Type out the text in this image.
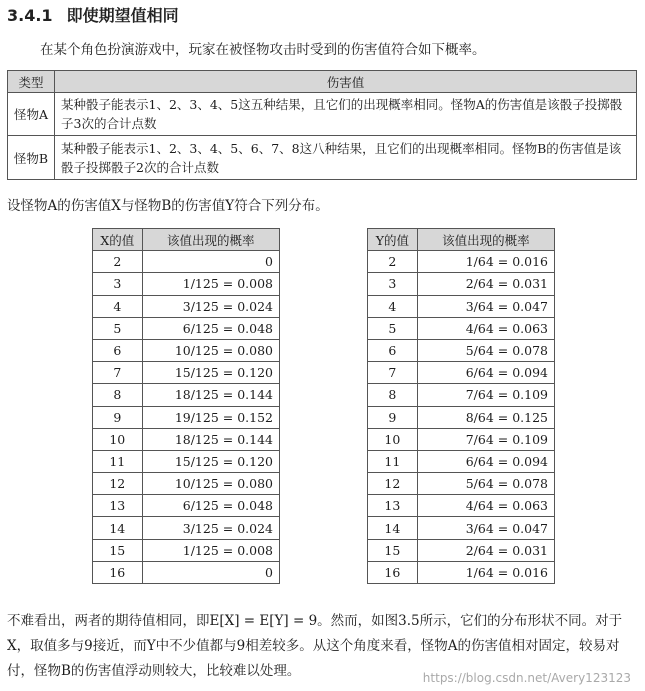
3.4.1 即使期望值相同
在某个角色扮演游戏中，玩家在被怪物攻击时受到的伤害值符合如下概率。
类型	伤害值
怪物A	某种骰子能表示1、2、3、4、5这五种结果，且它们的出现概率相同。怪物A的伤害值是该骰子投掷骰子3次的合计点数
怪物B	某种骰子能表示1、2、3、4、5、6、7、8这八种结果，且它们的出现概率相同。怪物B的伤害值是该骰子投掷骰子2次的合计点数
设怪物A的伤害值X与怪物B的伤害值Y符合下列分布。
X的值	该值出现的概率
2	0
3	1/125 = 0.008
4	3/125 = 0.024
5	6/125 = 0.048
6	10/125 = 0.080
7	15/125 = 0.120
8	18/125 = 0.144
9	19/125 = 0.152
10	18/125 = 0.144
11	15/125 = 0.120
12	10/125 = 0.080
13	6/125 = 0.048
14	3/125 = 0.024
15	1/125 = 0.008
16	0
Y的值	该值出现的概率
2	1/64 = 0.016
3	2/64 = 0.031
4	3/64 = 0.047
5	4/64 = 0.063
6	5/64 = 0.078
7	6/64 = 0.094
8	7/64 = 0.109
9	8/64 = 0.125
10	7/64 = 0.109
11	6/64 = 0.094
12	5/64 = 0.078
13	4/64 = 0.063
14	3/64 = 0.047
15	2/64 = 0.031
16	1/64 = 0.016
不难看出，两者的期待值相同，即E[X] = E[Y] = 9。然而，如图3.5所示，它们的分布形状不同。对于X，取值多与9接近，而Y中不少值都与9相差较多。从这个角度来看，怪物A的伤害值相对固定，较易对付，怪物B的伤害值浮动则较大，比较难以处理。	https://blog.csdn.net/Avery123123
